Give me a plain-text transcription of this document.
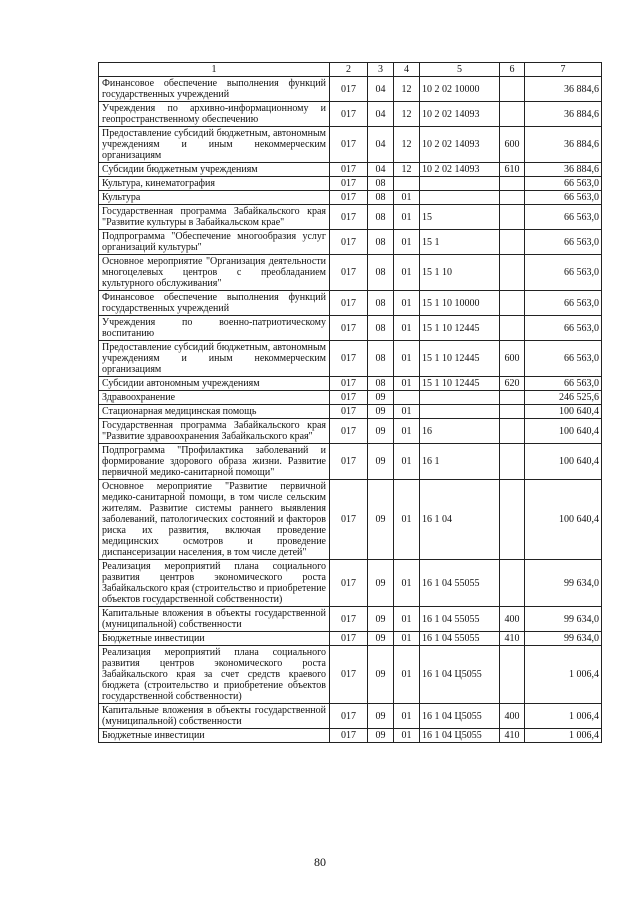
1	2	3	4	5	6	7
Финансовое обеспечение выполнения функций государственных учреждений	017	04	12	10 2 02 10000		36 884,6
Учреждения по архивно-информационному и геопространственному обеспечению	017	04	12	10 2 02 14093		36 884,6
Предоставление субсидий бюджетным, автономным учреждениям и иным некоммерческим организациям	017	04	12	10 2 02 14093	600	36 884,6
Субсидии бюджетным учреждениям	017	04	12	10 2 02 14093	610	36 884,6
Культура, кинематография	017	08				66 563,0
Культура	017	08	01			66 563,0
Государственная программа Забайкальского края "Развитие культуры в Забайкальском крае"	017	08	01	15		66 563,0
Подпрограмма "Обеспечение многообразия услуг организаций культуры"	017	08	01	15 1		66 563,0
Основное мероприятие "Организация деятельности многоцелевых центров с преобладанием культурного обслуживания"	017	08	01	15 1 10		66 563,0
Финансовое обеспечение выполнения функций государственных учреждений	017	08	01	15 1 10 10000		66 563,0
Учреждения по военно-патриотическому воспитанию	017	08	01	15 1 10 12445		66 563,0
Предоставление субсидий бюджетным, автономным учреждениям и иным некоммерческим организациям	017	08	01	15 1 10 12445	600	66 563,0
Субсидии автономным учреждениям	017	08	01	15 1 10 12445	620	66 563,0
Здравоохранение	017	09				246 525,6
Стационарная медицинская помощь	017	09	01			100 640,4
Государственная программа Забайкальского края "Развитие здравоохранения Забайкальского края"	017	09	01	16		100 640,4
Подпрограмма "Профилактика заболеваний и формирование здорового образа жизни. Развитие первичной медико-санитарной помощи"	017	09	01	16 1		100 640,4
Основное мероприятие "Развитие первичной медико-санитарной помощи, в том числе сельским жителям. Развитие системы раннего выявления заболеваний, патологических состояний и факторов риска их развития, включая проведение медицинских осмотров и проведение диспансеризации населения, в том числе детей"	017	09	01	16 1 04		100 640,4
Реализация мероприятий плана социального развития центров экономического роста Забайкальского края (строительство и приобретение объектов государственной собственности)	017	09	01	16 1 04 55055		99 634,0
Капитальные вложения в объекты государственной (муниципальной) собственности	017	09	01	16 1 04 55055	400	99 634,0
Бюджетные инвестиции	017	09	01	16 1 04 55055	410	99 634,0
Реализация мероприятий плана социального развития центров экономического роста Забайкальского края за счет средств краевого бюджета (строительство и приобретение объектов государственной собственности)	017	09	01	16 1 04 Ц5055		1 006,4
Капитальные вложения в объекты государственной (муниципальной) собственности	017	09	01	16 1 04 Ц5055	400	1 006,4
Бюджетные инвестиции	017	09	01	16 1 04 Ц5055	410	1 006,4
80
